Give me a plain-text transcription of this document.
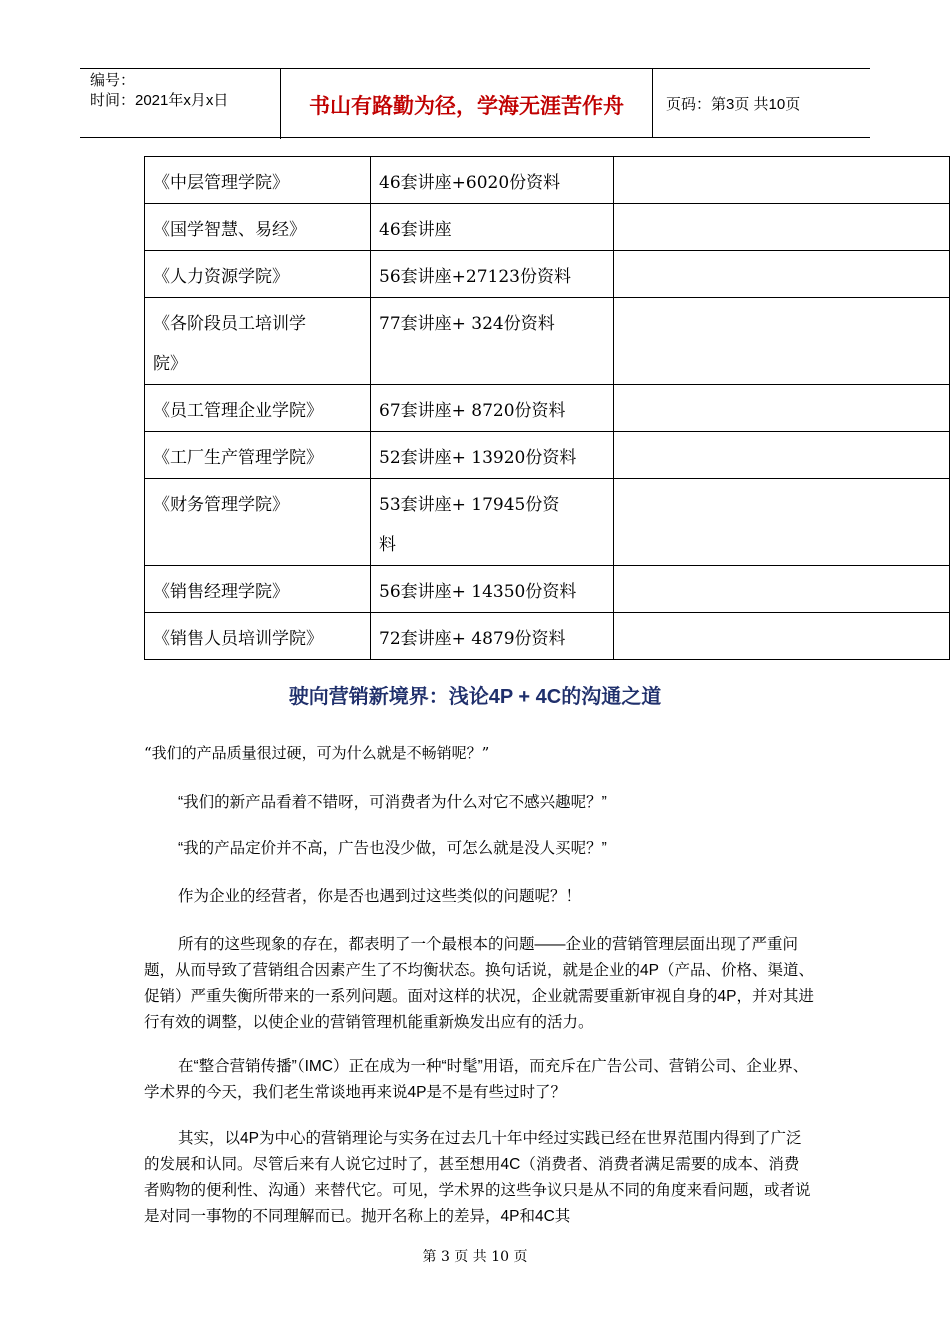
编号：
时间：2021年x月x日	书山有路勤为径，学海无涯苦作舟	页码：第3页 共10页
《中层管理学院》	46套讲座+6020份资料	
《国学智慧、易经》	46套讲座	
《人力资源学院》	56套讲座+27123份资料	
《各阶段员工培训学院》	77套讲座+ 324份资料	
《员工管理企业学院》	67套讲座+ 8720份资料	
《工厂生产管理学院》	52套讲座+ 13920份资料	
《财务管理学院》	53套讲座+ 17945份资料	
《销售经理学院》	56套讲座+ 14350份资料	
《销售人员培训学院》	72套讲座+ 4879份资料	
驶向营销新境界：浅论4P + 4C的沟通之道

“我们的产品质量很过硬，可为什么就是不畅销呢？”

“我们的新产品看着不错呀，可消费者为什么对它不感兴趣呢？”

“我的产品定价并不高，广告也没少做，可怎么就是没人买呢？”

作为企业的经营者，你是否也遇到过这些类似的问题呢？！

所有的这些现象的存在，都表明了一个最根本的问题——企业的营销管理层面出现了严重问题，从而导致了营销组合因素产生了不均衡状态。换句话说，就是企业的4P（产品、价格、渠道、促销）严重失衡所带来的一系列问题。面对这样的状况，企业就需要重新审视自身的4P，并对其进行有效的调整，以使企业的营销管理机能重新焕发出应有的活力。

在“整合营销传播”（IMC）正在成为一种“时髦”用语，而充斥在广告公司、营销公司、企业界、学术界的今天，我们老生常谈地再来说4P是不是有些过时了？

其实，以4P为中心的营销理论与实务在过去几十年中经过实践已经在世界范围内得到了广泛的发展和认同。尽管后来有人说它过时了，甚至想用4C（消费者、消费者满足需要的成本、消费者购物的便利性、沟通）来替代它。可见，学术界的这些争议只是从不同的角度来看问题，或者说是对同一事物的不同理解而已。抛开名称上的差异，4P和4C其

第 3 页 共 10 页
